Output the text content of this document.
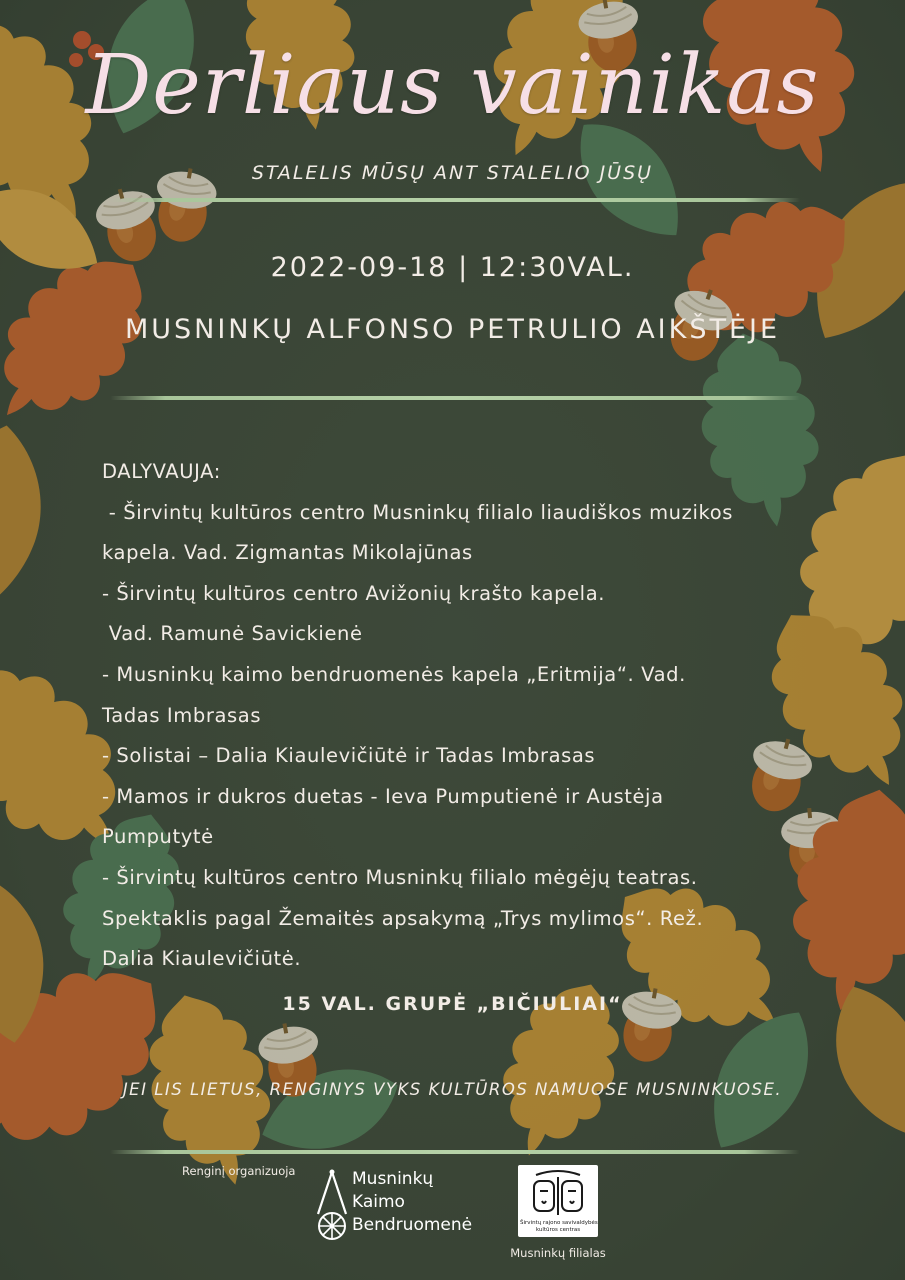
Derliaus vainikas
STALELIS MŪSŲ ANT STALELIO JŪSŲ
2022-09-18 | 12:30VAL.
MUSNINKŲ ALFONSO PETRULIO AIKŠTĖJE
DALYVAUJA:
- Širvintų kultūros centro Musninkų filialo liaudiškos muzikos
kapela. Vad. Zigmantas Mikolajūnas
- Širvintų kultūros centro Avižonių krašto kapela.
Vad. Ramunė Savickienė
- Musninkų kaimo bendruomenės kapela „Eritmija“. Vad.
Tadas Imbrasas
- Solistai – Dalia Kiaulevičiūtė ir Tadas Imbrasas
- Mamos ir dukros duetas - Ieva Pumputienė ir Austėja
Pumputytė
- Širvintų kultūros centro Musninkų filialo mėgėjų teatras.
Spektaklis pagal Žemaitės apsakymą „Trys mylimos“. Rež.
Dalia Kiaulevičiūtė.
15 VAL. GRUPĖ „BIČIULIAI“
JEI LIS LIETUS, RENGINYS VYKS KULTŪROS NAMUOSE MUSNINKUOSE.
Renginį organizuoja	Musninkų
Kaimo
Bendruomenė	Širvintų rajono savivaldybės
kultūros centras
Musninkų filialas
